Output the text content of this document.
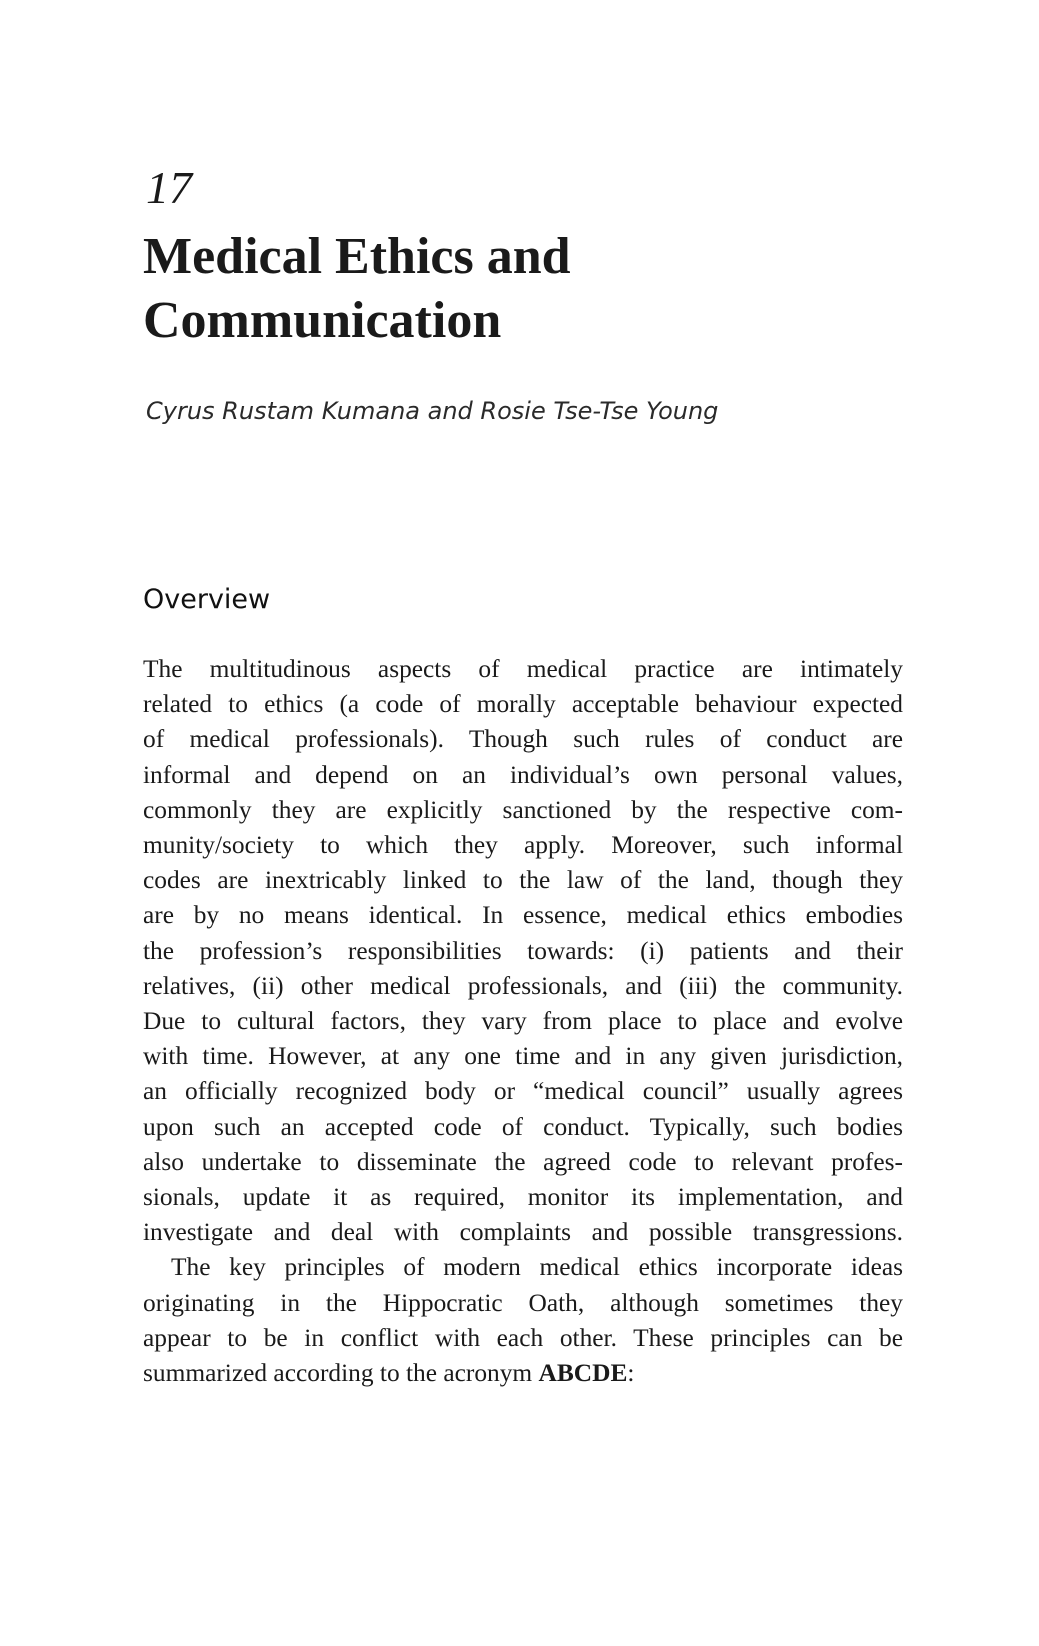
17
Medical Ethics and
Communication

Cyrus Rustam Kumana and Rosie Tse-Tse Young

Overview
The multitudinous aspects of medical practice are intimately
related to ethics (a code of morally acceptable behaviour expected
of medical professionals). Though such rules of conduct are
informal and depend on an individual’s own personal values,
commonly they are explicitly sanctioned by the respective com-
munity/society to which they apply. Moreover, such informal
codes are inextricably linked to the law of the land, though they
are by no means identical. In essence, medical ethics embodies
the profession’s responsibilities towards: (i) patients and their
relatives, (ii) other medical professionals, and (iii) the community.
Due to cultural factors, they vary from place to place and evolve
with time. However, at any one time and in any given jurisdiction,
an officially recognized body or “medical council” usually agrees
upon such an accepted code of conduct. Typically, such bodies
also undertake to disseminate the agreed code to relevant profes-
sionals, update it as required, monitor its implementation, and
investigate and deal with complaints and possible transgressions.
The key principles of modern medical ethics incorporate ideas
originating in the Hippocratic Oath, although sometimes they
appear to be in conflict with each other. These principles can be
summarized according to the acronym ABCDE:
